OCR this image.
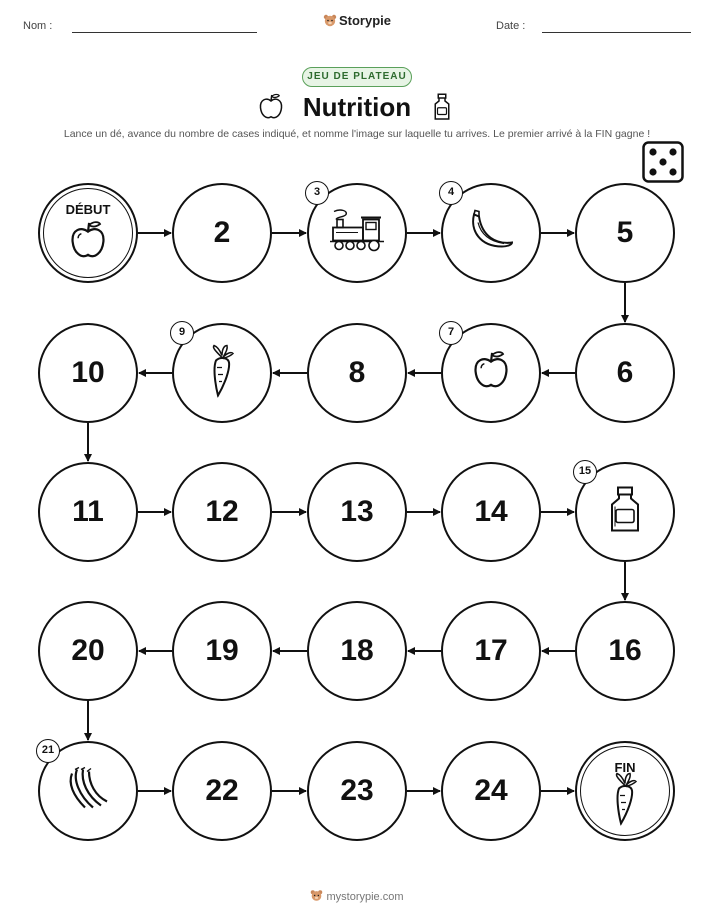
Nom :	Storypie	Date :
JEU DE PLATEAU
Nutrition
Lance un dé, avance du nombre de cases indiqué, et nomme l'image sur laquelle tu arrives. Le premier arrivé à la FIN gagne !
DÉBUT
2
3	4
5
6
7
8
9
10
11	12	13	14
15
16
17
18
19
20
21
22	23	24
FIN
mystorypie.com
